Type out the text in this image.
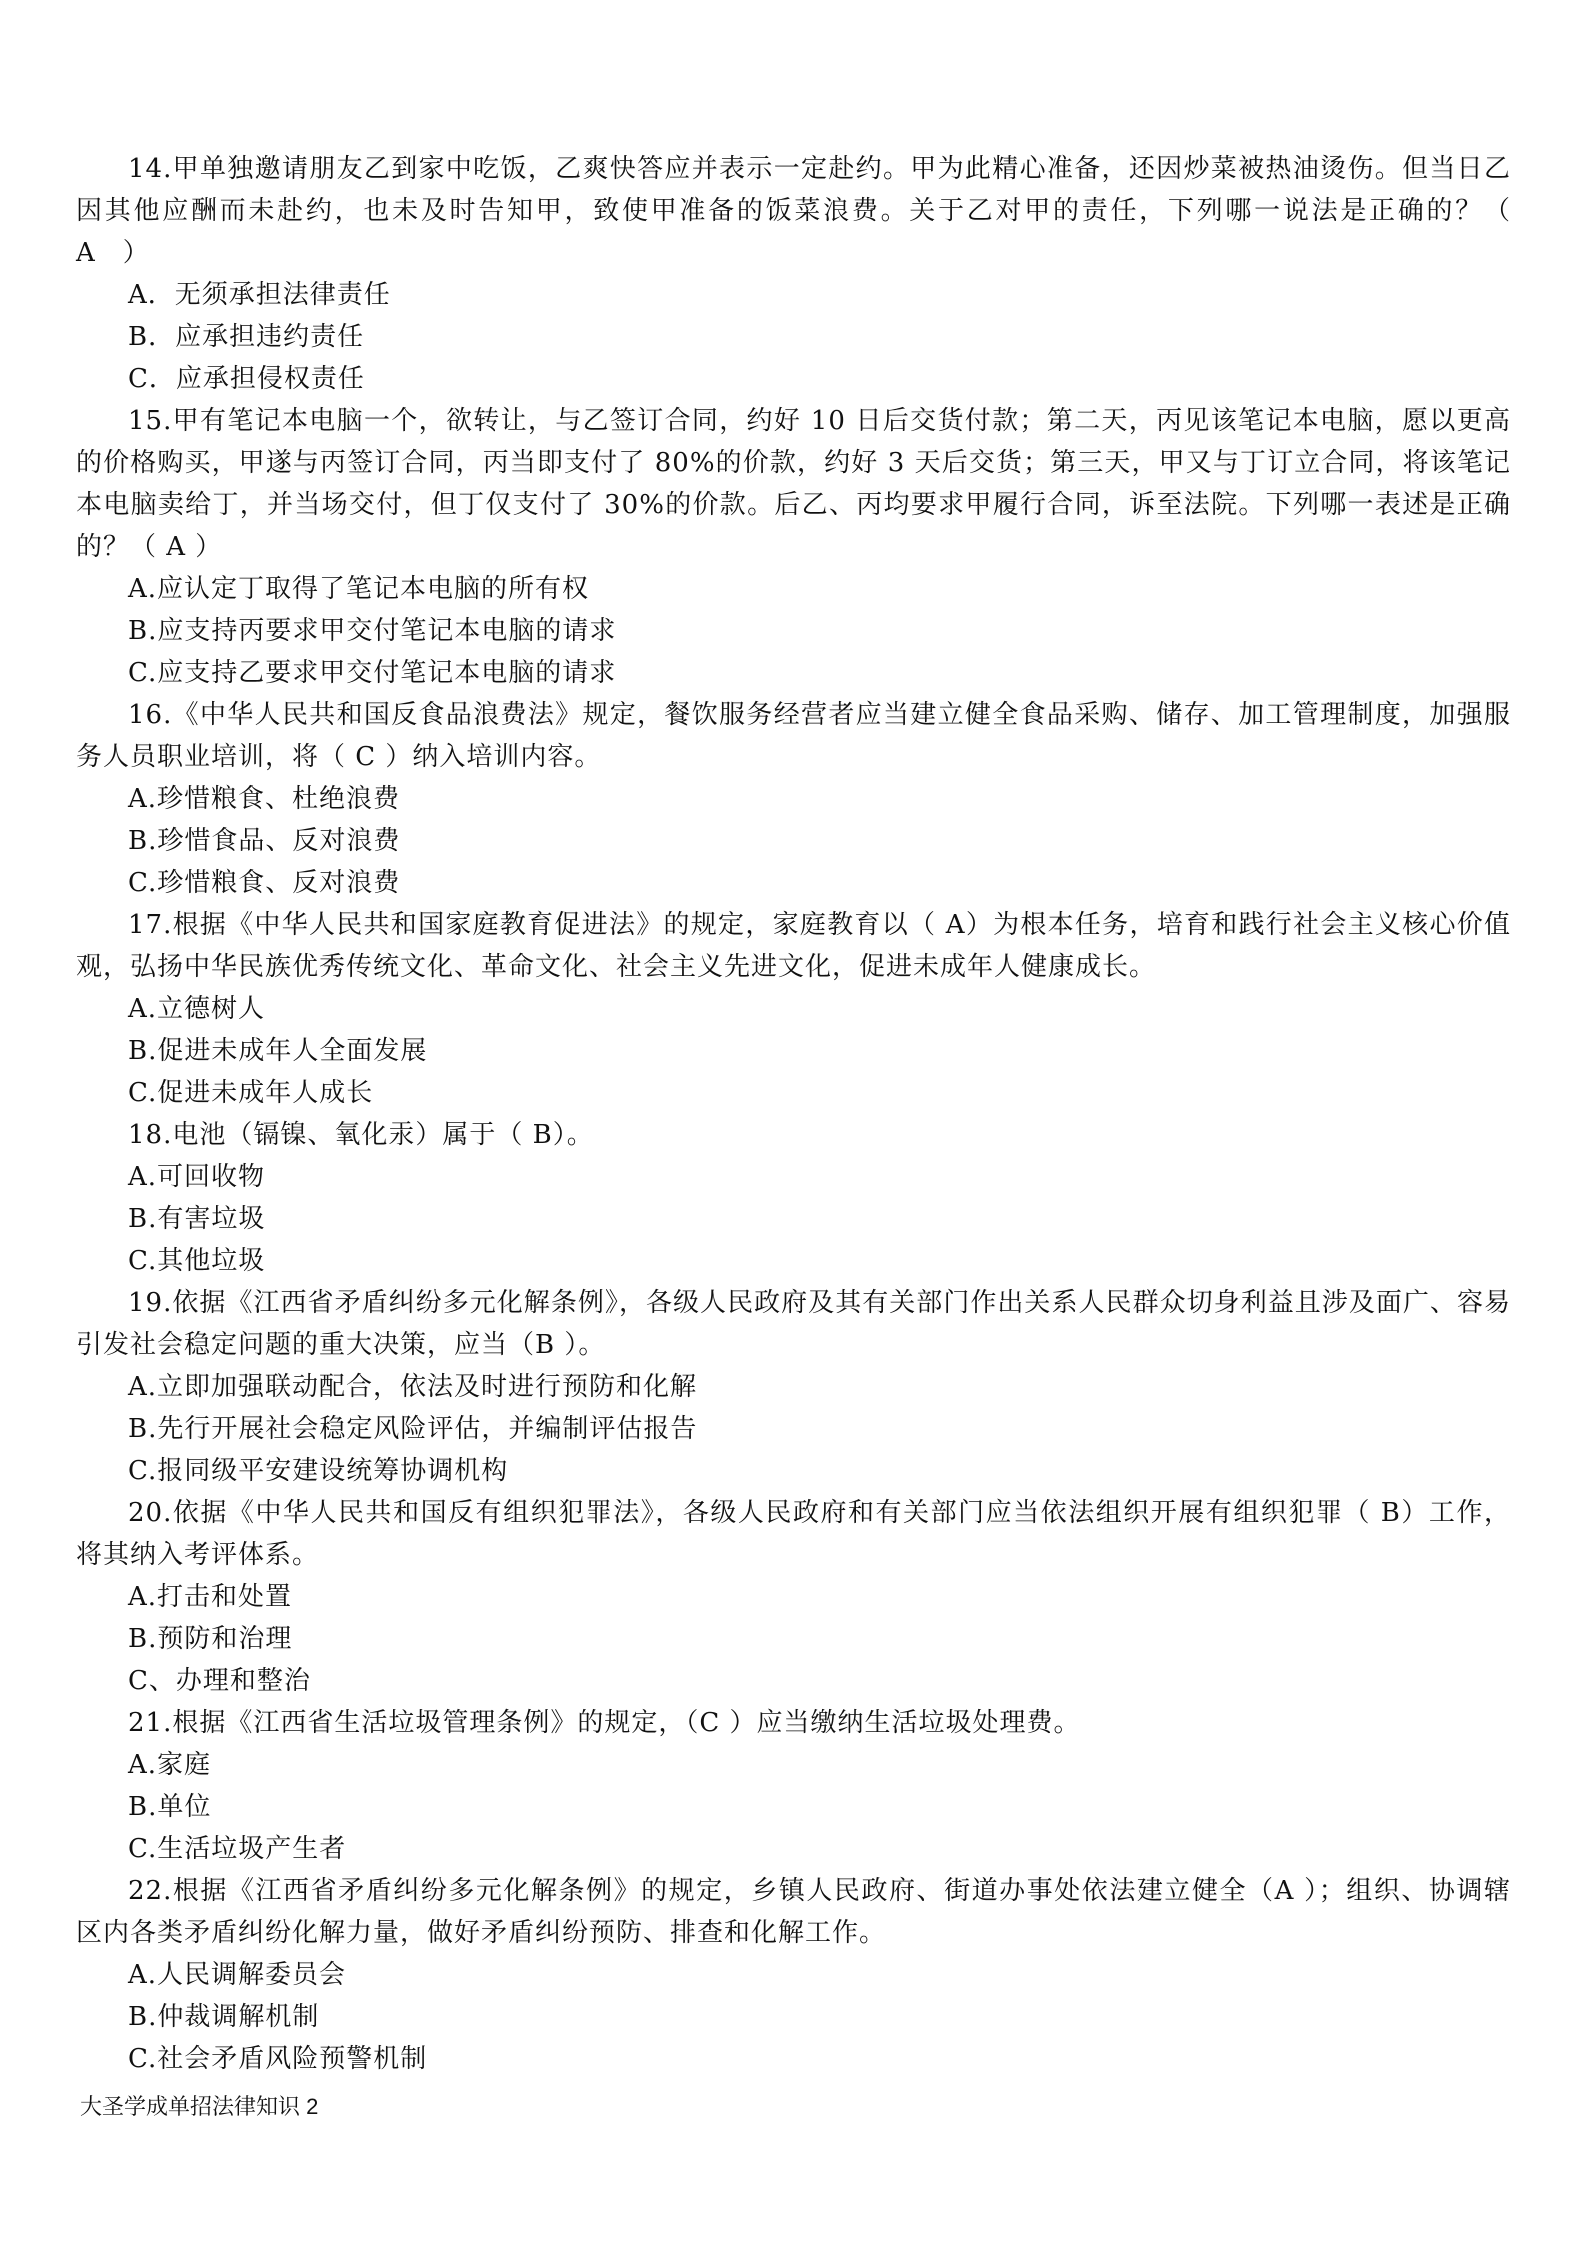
14.甲单独邀请朋友乙到家中吃饭，乙爽快答应并表示一定赴约。甲为此精心准备，还因炒菜被热油烫伤。但当日乙因其他应酬而未赴约，也未及时告知甲，致使甲准备的饭菜浪费。关于乙对甲的责任，下列哪一说法是正确的？（　A　）

A．无须承担法律责任

B．应承担违约责任

C．应承担侵权责任

15.甲有笔记本电脑一个，欲转让，与乙签订合同，约好 10 日后交货付款；第二天，丙见该笔记本电脑，愿以更高的价格购买，甲遂与丙签订合同，丙当即支付了 80%的价款，约好 3 天后交货；第三天，甲又与丁订立合同，将该笔记本电脑卖给丁，并当场交付，但丁仅支付了 30%的价款。后乙、丙均要求甲履行合同，诉至法院。下列哪一表述是正确的？（ A ）

A.应认定丁取得了笔记本电脑的所有权

B.应支持丙要求甲交付笔记本电脑的请求

C.应支持乙要求甲交付笔记本电脑的请求

16.《中华人民共和国反食品浪费法》规定，餐饮服务经营者应当建立健全食品采购、储存、加工管理制度，加强服务人员职业培训，将（ C ）纳入培训内容。

A.珍惜粮食、杜绝浪费

B.珍惜食品、反对浪费

C.珍惜粮食、反对浪费

17.根据《中华人民共和国家庭教育促进法》的规定，家庭教育以（ A）为根本任务，培育和践行社会主义核心价值观，弘扬中华民族优秀传统文化、革命文化、社会主义先进文化，促进未成年人健康成长。

A.立德树人

B.促进未成年人全面发展

C.促进未成年人成长

18.电池（镉镍、氧化汞）属于（ B）。

A.可回收物

B.有害垃圾

C.其他垃圾

19.依据《江西省矛盾纠纷多元化解条例》，各级人民政府及其有关部门作出关系人民群众切身利益且涉及面广、容易引发社会稳定问题的重大决策，应当（B ）。

A.立即加强联动配合，依法及时进行预防和化解

B.先行开展社会稳定风险评估，并编制评估报告

C.报同级平安建设统筹协调机构

20.依据《中华人民共和国反有组织犯罪法》，各级人民政府和有关部门应当依法组织开展有组织犯罪（ B）工作，将其纳入考评体系。

A.打击和处置

B.预防和治理

C、办理和整治

21.根据《江西省生活垃圾管理条例》的规定，（C ）应当缴纳生活垃圾处理费。

A.家庭

B.单位

C.生活垃圾产生者

22.根据《江西省矛盾纠纷多元化解条例》的规定，乡镇人民政府、街道办事处依法建立健全（A ）；组织、协调辖区内各类矛盾纠纷化解力量，做好矛盾纠纷预防、排查和化解工作。

A.人民调解委员会

B.仲裁调解机制

C.社会矛盾风险预警机制

大圣学成单招法律知识 2
